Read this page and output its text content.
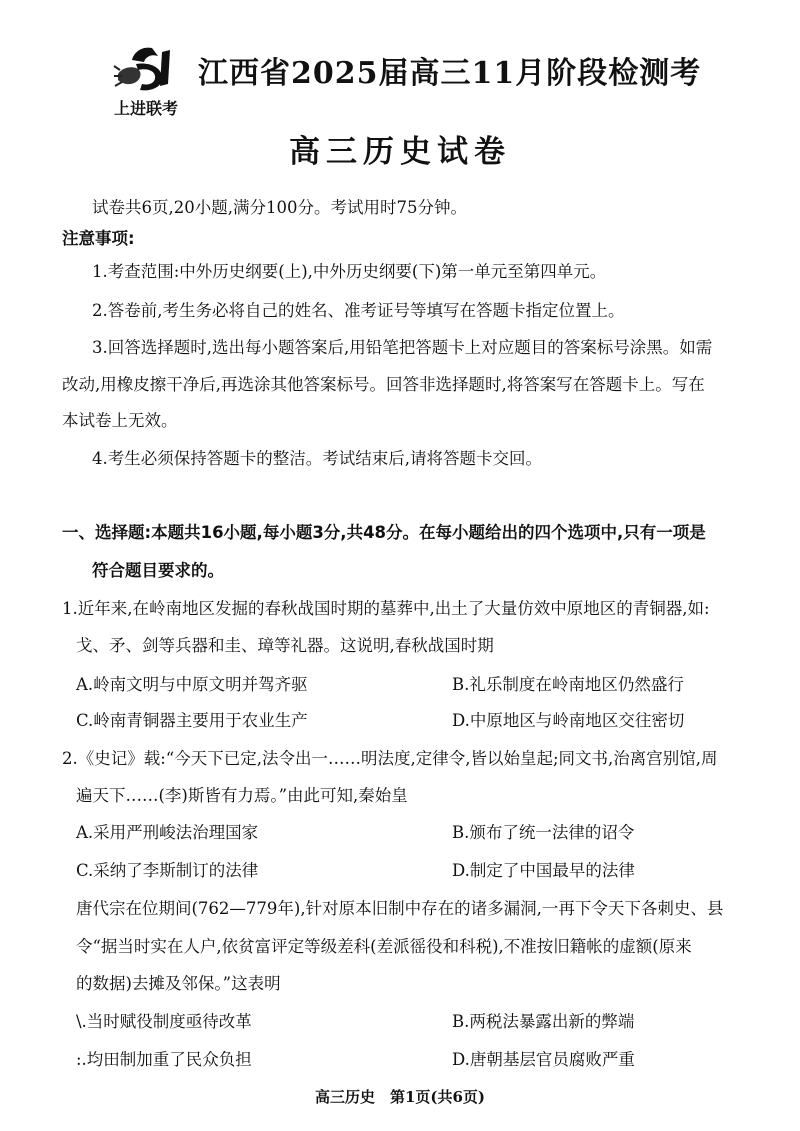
上进联考
江西省2025届高三11月阶段检测考
高三历史试卷
试卷共6页,20小题,满分100分。考试用时75分钟。
注意事项:
1.考查范围:中外历史纲要(上),中外历史纲要(下)第一单元至第四单元。
2.答卷前,考生务必将自己的姓名、准考证号等填写在答题卡指定位置上。
3.回答选择题时,选出每小题答案后,用铅笔把答题卡上对应题目的答案标号涂黑。如需
改动,用橡皮擦干净后,再选涂其他答案标号。回答非选择题时,将答案写在答题卡上。写在
本试卷上无效。
4.考生必须保持答题卡的整洁。考试结束后,请将答题卡交回。
一、选择题:本题共16小题,每小题3分,共48分。在每小题给出的四个选项中,只有一项是
符合题目要求的。
1.近年来,在岭南地区发掘的春秋战国时期的墓葬中,出土了大量仿效中原地区的青铜器,如:
戈、矛、剑等兵器和圭、璋等礼器。这说明,春秋战国时期
A.岭南文明与中原文明并驾齐驱	B.礼乐制度在岭南地区仍然盛行
C.岭南青铜器主要用于农业生产	D.中原地区与岭南地区交往密切
2.《史记》载:“今天下已定,法令出一……明法度,定律令,皆以始皇起;同文书,治离宫别馆,周
遍天下……(李)斯皆有力焉。”由此可知,秦始皇
A.采用严刑峻法治理国家	B.颁布了统一法律的诏令
C.采纳了李斯制订的法律	D.制定了中国最早的法律
唐代宗在位期间(762—779年),针对原本旧制中存在的诸多漏洞,一再下令天下各刺史、县
令“据当时实在人户,依贫富评定等级差科(差派徭役和科税),不准按旧籍帐的虚额(原来
的数据)去摊及邻保。”这表明
\.当时赋役制度亟待改革	B.两税法暴露出新的弊端
:.均田制加重了民众负担	D.唐朝基层官员腐败严重
高三历史　第1页(共6页)
